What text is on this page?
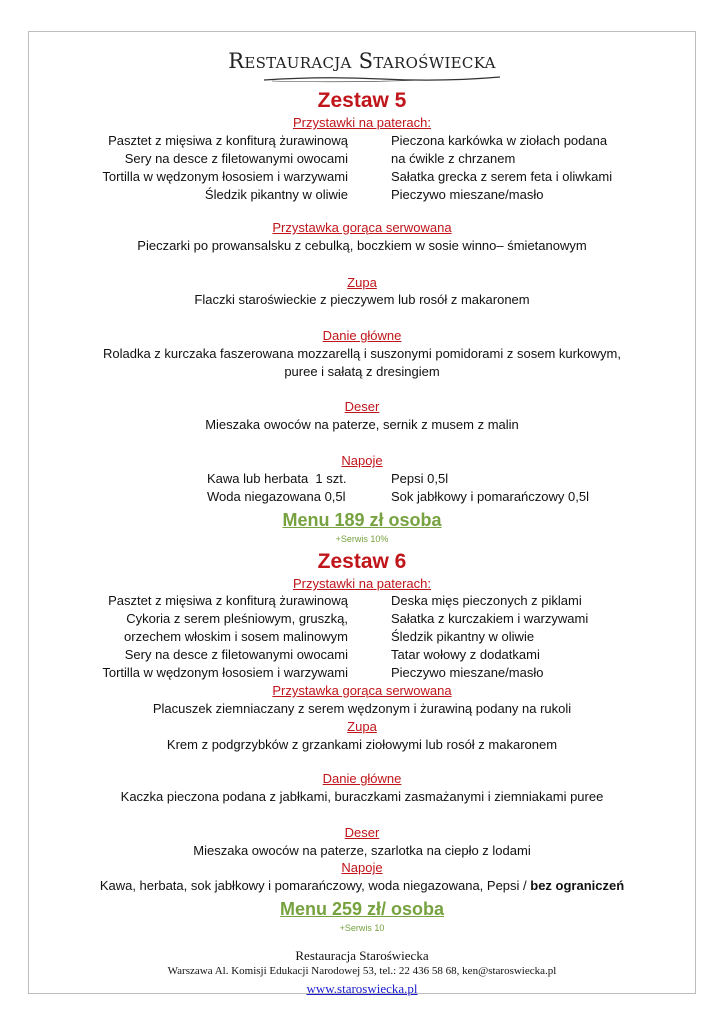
Restauracja Staroświecka
Zestaw 5
Przystawki na paterach:
Pasztet z mięsiwa z konfiturą żurawinową
Sery na desce z filetowanymi owocami
Tortilla w wędzonym łososiem i warzywami
Śledzik pikantny w oliwie
Pieczona karkówka w ziołach podana
na ćwikle z chrzanem
Sałatka grecka z serem feta i oliwkami
Pieczywo mieszane/masło
Przystawka gorąca serwowana
Pieczarki po prowansalsku z cebulką, boczkiem w sosie winno– śmietanowym
Zupa
Flaczki staroświeckie z pieczywem lub rosół z makaronem
Danie główne
Roladka z kurczaka faszerowana mozzarellą i suszonymi pomidorami z sosem kurkowym,
puree i sałatą z dresingiem
Deser
Mieszaka owoców na paterze, sernik z musem z malin
Napoje
Kawa lub herbata  1 szt.
Woda niegazowana 0,5l
Pepsi 0,5l
Sok jabłkowy i pomarańczowy 0,5l
Menu 189 zł osoba
+Serwis 10%
Zestaw 6
Przystawki na paterach:
Pasztet z mięsiwa z konfiturą żurawinową
Cykoria z serem pleśniowym, gruszką,
orzechem włoskim i sosem malinowym
Sery na desce z filetowanymi owocami
Tortilla w wędzonym łososiem i warzywami
Deska mięs pieczonych z piklami
Sałatka z kurczakiem i warzywami
Śledzik pikantny w oliwie
Tatar wołowy z dodatkami
Pieczywo mieszane/masło
Przystawka gorąca serwowana
Placuszek ziemniaczany z serem wędzonym i żurawiną podany na rukoli
Zupa
Krem z podgrzybków z grzankami ziołowymi lub rosół z makaronem
Danie główne
Kaczka pieczona podana z jabłkami, buraczkami zasmażanymi i ziemniakami puree
Deser
Mieszaka owoców na paterze, szarlotka na ciepło z lodami
Napoje
Kawa, herbata, sok jabłkowy i pomarańczowy, woda niegazowana, Pepsi / bez ograniczeń
Menu 259 zł/ osoba
+Serwis 10
Restauracja Staroświecka
Warszawa Al. Komisji Edukacji Narodowej 53, tel.: 22 436 58 68, ken@staroswiecka.pl
www.staroswiecka.pl
